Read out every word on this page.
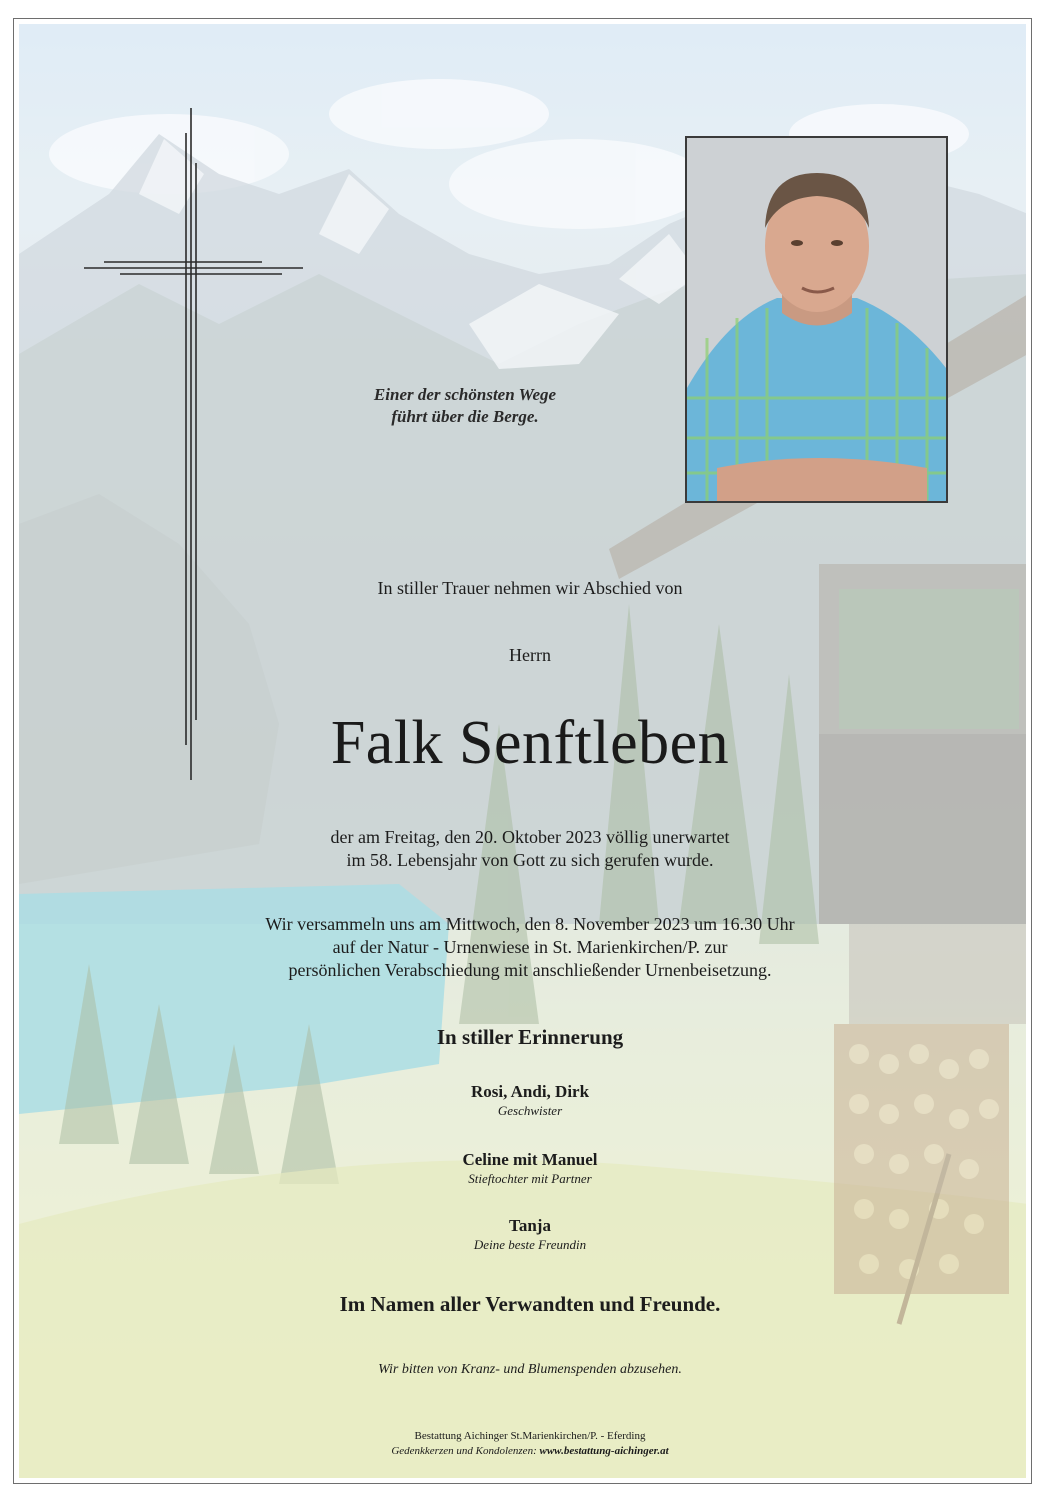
Einer der schönsten Wege
führt über die Berge.
In stiller Trauer nehmen wir Abschied von
Herrn
Falk Senftleben
der am Freitag, den 20. Oktober 2023 völlig unerwartet
im 58. Lebensjahr von Gott zu sich gerufen wurde.
Wir versammeln uns am Mittwoch, den 8. November 2023 um 16.30 Uhr
auf der Natur - Urnenwiese in St. Marienkirchen/P. zur
persönlichen Verabschiedung mit anschließender Urnenbeisetzung.
In stiller Erinnerung
Rosi, Andi, Dirk
Geschwister
Celine mit Manuel
Stieftochter mit Partner
Tanja
Deine beste Freundin
Im Namen aller Verwandten und Freunde.
Wir bitten von Kranz- und Blumenspenden abzusehen.
Bestattung Aichinger St.Marienkirchen/P. - Eferding
Gedenkkerzen und Kondolenzen: www.bestattung-aichinger.at
